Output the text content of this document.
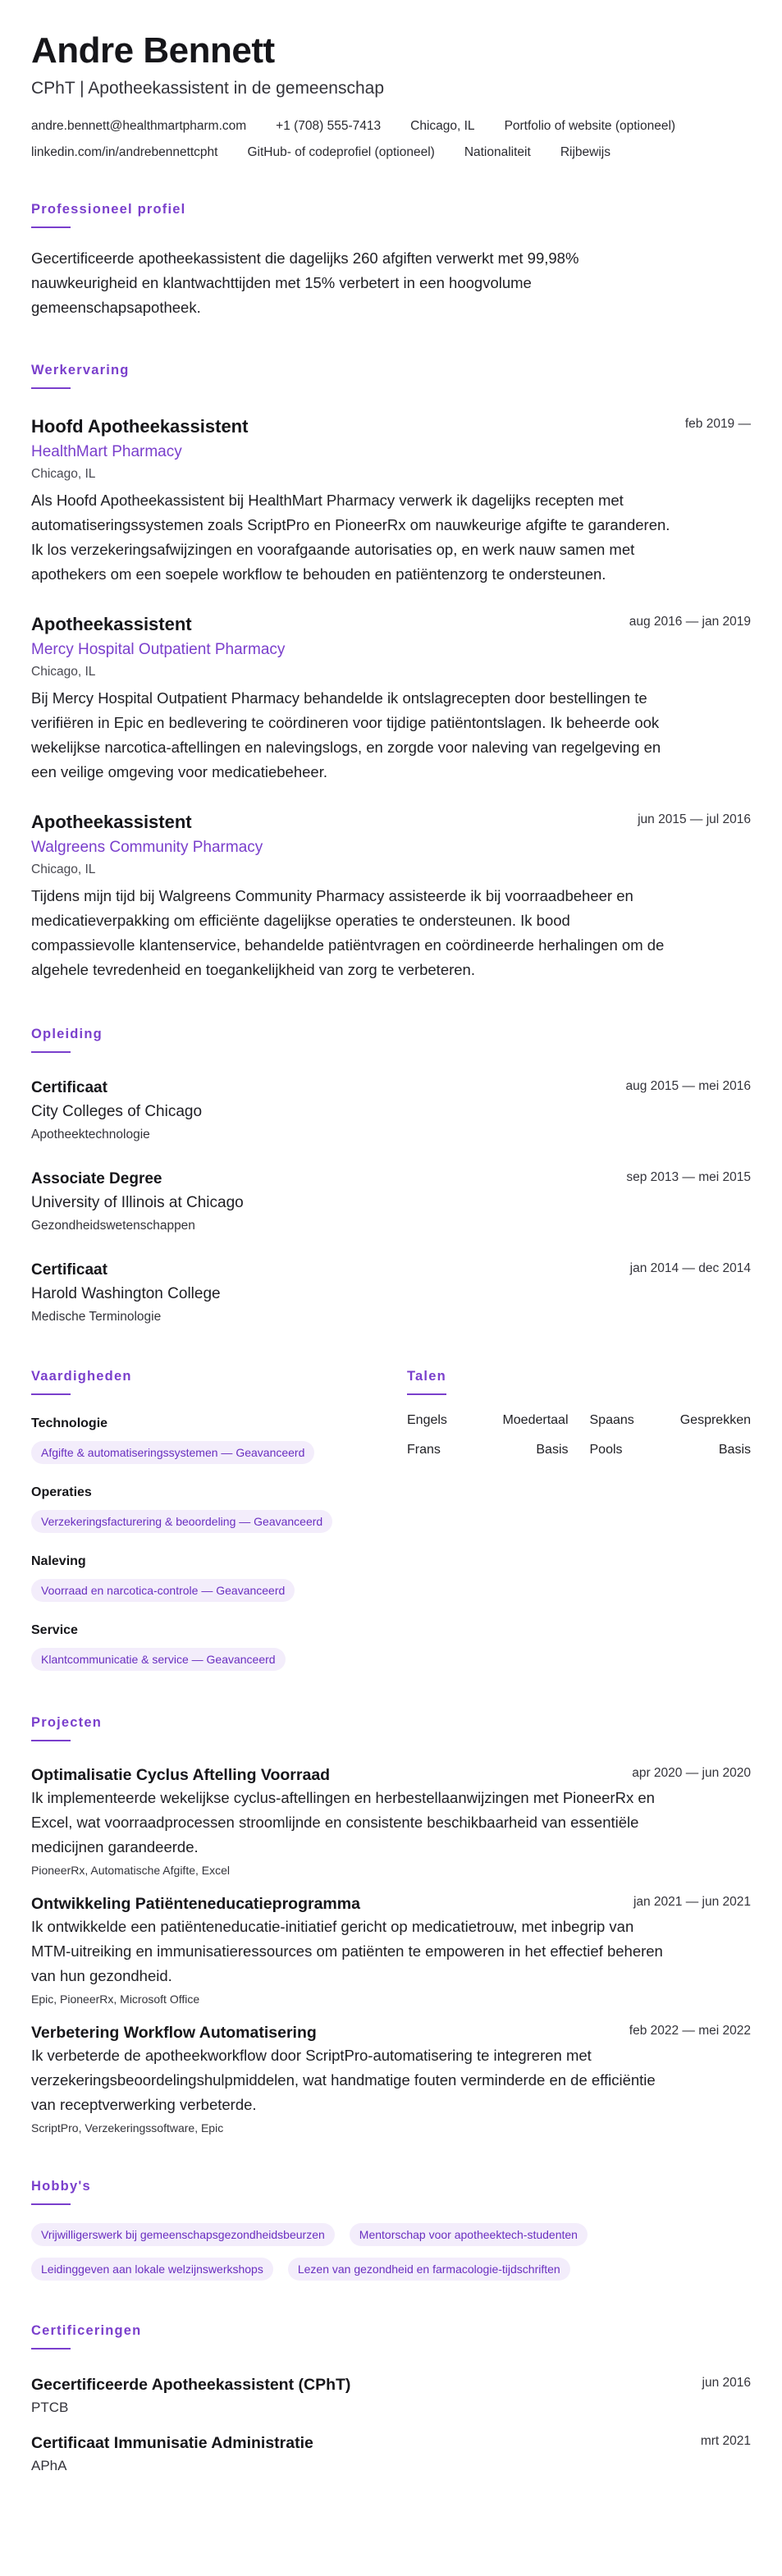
Andre Bennett
CPhT | Apotheekassistent in de gemeenschap
andre.bennett@healthmartpharm.com +1 (708) 555-7413 Chicago, IL Portfolio of website (optioneel)
linkedin.com/in/andrebennettcpht GitHub- of codeprofiel (optioneel) Nationaliteit Rijbewijs
Professioneel profiel

Gecertificeerde apotheekassistent die dagelijks 260 afgiften verwerkt met 99,98% nauwkeurigheid en klantwachttijden met 15% verbetert in een hoogvolume gemeenschapsapotheek.

Werkervaring
Hoofd Apotheekassistent	feb 2019 —
HealthMart Pharmacy
Chicago, IL

Als Hoofd Apotheekassistent bij HealthMart Pharmacy verwerk ik dagelijks recepten met automatiseringssystemen zoals ScriptPro en PioneerRx om nauwkeurige afgifte te garanderen. Ik los verzekeringsafwijzingen en voorafgaande autorisaties op, en werk nauw samen met apothekers om een soepele workflow te behouden en patiëntenzorg te ondersteunen.

Apotheekassistent	aug 2016 — jan 2019
Mercy Hospital Outpatient Pharmacy
Chicago, IL

Bij Mercy Hospital Outpatient Pharmacy behandelde ik ontslagrecepten door bestellingen te verifiëren in Epic en bedlevering te coördineren voor tijdige patiëntontslagen. Ik beheerde ook wekelijkse narcotica-aftellingen en nalevingslogs, en zorgde voor naleving van regelgeving en een veilige omgeving voor medicatiebeheer.

Apotheekassistent	jun 2015 — jul 2016
Walgreens Community Pharmacy
Chicago, IL

Tijdens mijn tijd bij Walgreens Community Pharmacy assisteerde ik bij voorraadbeheer en medicatieverpakking om efficiënte dagelijkse operaties te ondersteunen. Ik bood compassievolle klantenservice, behandelde patiëntvragen en coördineerde herhalingen om de algehele tevredenheid en toegankelijkheid van zorg te verbeteren.

Opleiding
Certificaat	aug 2015 — mei 2016
City Colleges of Chicago
Apotheektechnologie
Associate Degree	sep 2013 — mei 2015
University of Illinois at Chicago
Gezondheidswetenschappen
Certificaat	jan 2014 — dec 2014
Harold Washington College
Medische Terminologie
Vaardigheden
Technologie
Afgifte & automatiseringssystemen — Geavanceerd
Operaties
Verzekeringsfacturering & beoordeling — Geavanceerd
Naleving
Voorraad en narcotica-controle — Geavanceerd
Service
Klantcommunicatie & service — Geavanceerd
Talen
Engels	Moedertaal Spaans	Gesprekken
Frans	Basis Pools	Basis
Projecten
Optimalisatie Cyclus Aftelling Voorraad	apr 2020 — jun 2020

Ik implementeerde wekelijkse cyclus-aftellingen en herbestellaanwijzingen met PioneerRx en Excel, wat voorraadprocessen stroomlijnde en consistente beschikbaarheid van essentiële medicijnen garandeerde.

PioneerRx, Automatische Afgifte, Excel
Ontwikkeling Patiënteneducatieprogramma	jan 2021 — jun 2021

Ik ontwikkelde een patiënteneducatie-initiatief gericht op medicatietrouw, met inbegrip van MTM-uitreiking en immunisatieressources om patiënten te empoweren in het effectief beheren van hun gezondheid.

Epic, PioneerRx, Microsoft Office
Verbetering Workflow Automatisering	feb 2022 — mei 2022

Ik verbeterde de apotheekworkflow door ScriptPro-automatisering te integreren met verzekeringsbeoordelingshulpmiddelen, wat handmatige fouten verminderde en de efficiëntie van receptverwerking verbeterde.

ScriptPro, Verzekeringssoftware, Epic
Hobby's
Vrijwilligerswerk bij gemeenschapsgezondheidsbeurzen	Mentorschap voor apotheektech-studenten
Leidinggeven aan lokale welzijnswerkshops	Lezen van gezondheid en farmacologie-tijdschriften
Certificeringen
Gecertificeerde Apotheekassistent (CPhT)	jun 2016
PTCB
Certificaat Immunisatie Administratie	mrt 2021
APhA
